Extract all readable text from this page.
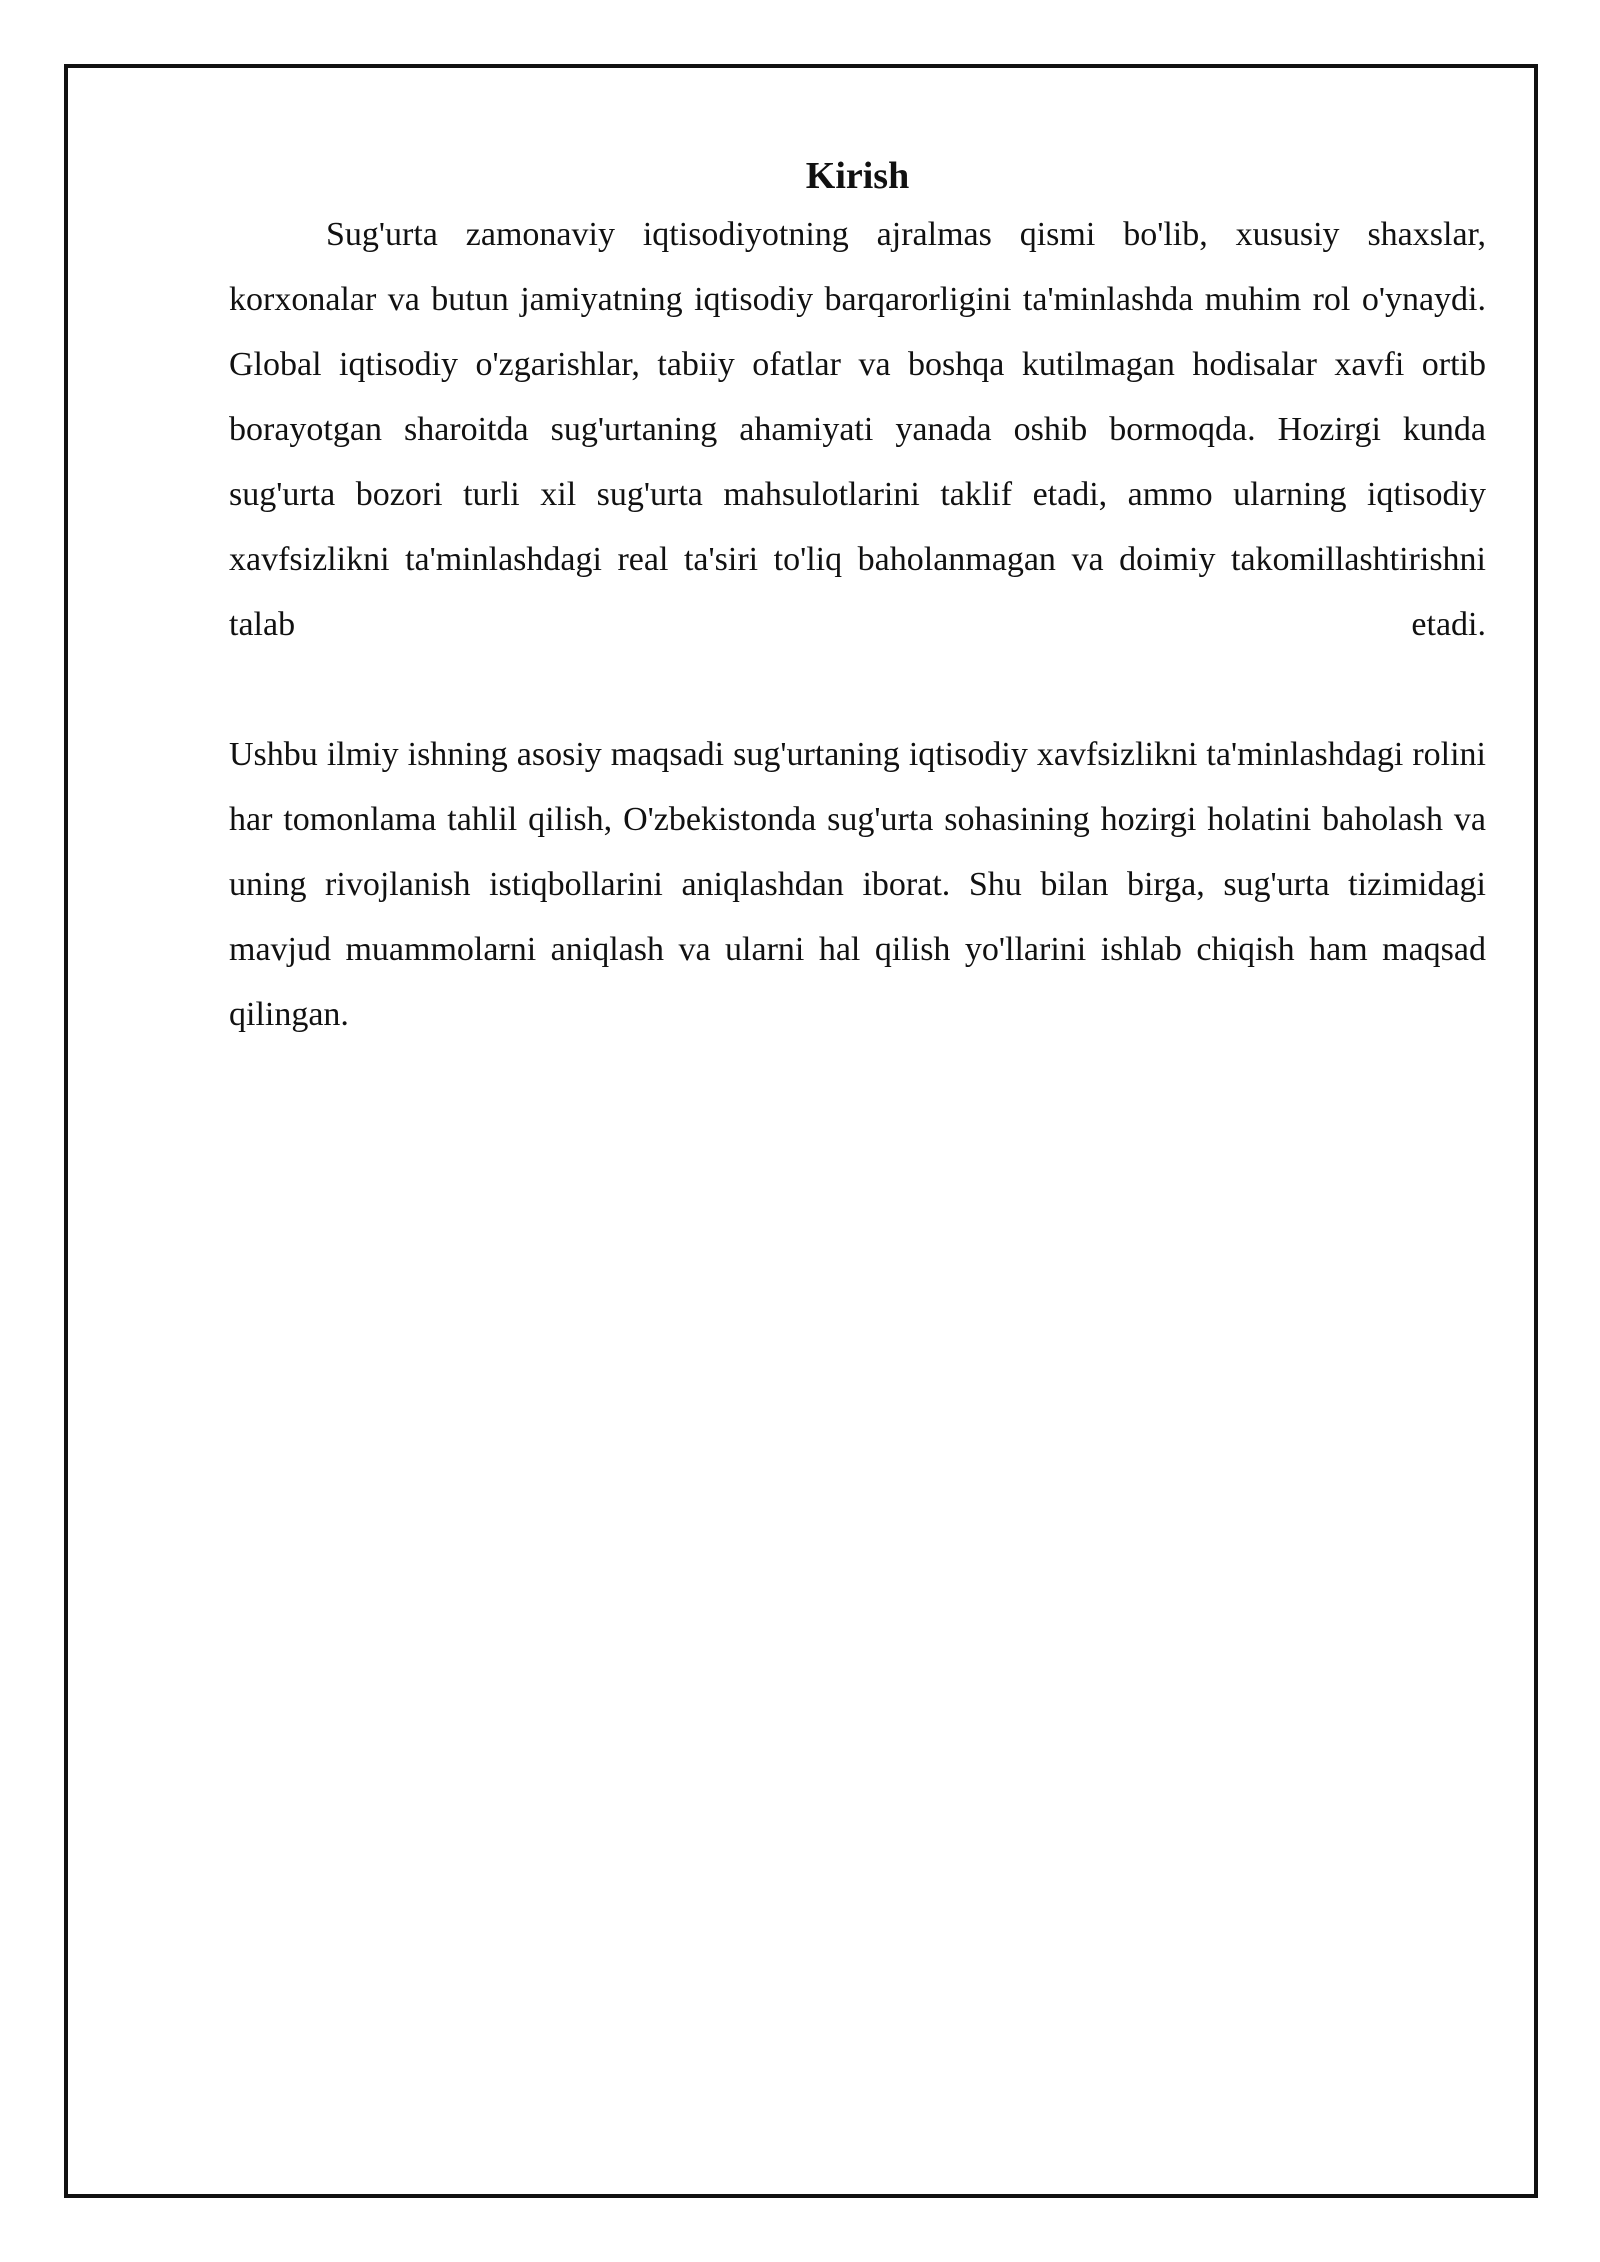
Kirish

Sug'urta zamonaviy iqtisodiyotning ajralmas qismi bo'lib, xususiy shaxslar, korxonalar va butun jamiyatning iqtisodiy barqarorligini ta'minlashda muhim rol o'ynaydi. Global iqtisodiy o'zgarishlar, tabiiy ofatlar va boshqa kutilmagan hodisalar xavfi ortib borayotgan sharoitda sug'urtaning ahamiyati yanada oshib bormoqda. Hozirgi kunda sug'urta bozori turli xil sug'urta mahsulotlarini taklif etadi, ammo ularning iqtisodiy xavfsizlikni ta'minlashdagi real ta'siri to'liq baholanmagan va doimiy takomillashtirishni talab etadi.

Ushbu ilmiy ishning asosiy maqsadi sug'urtaning iqtisodiy xavfsizlikni ta'minlashdagi rolini har tomonlama tahlil qilish, O'zbekistonda sug'urta sohasining hozirgi holatini baholash va uning rivojlanish istiqbollarini aniqlashdan iborat. Shu bilan birga, sug'urta tizimidagi mavjud muammolarni aniqlash va ularni hal qilish yo'llarini ishlab chiqish ham maqsad qilingan.
